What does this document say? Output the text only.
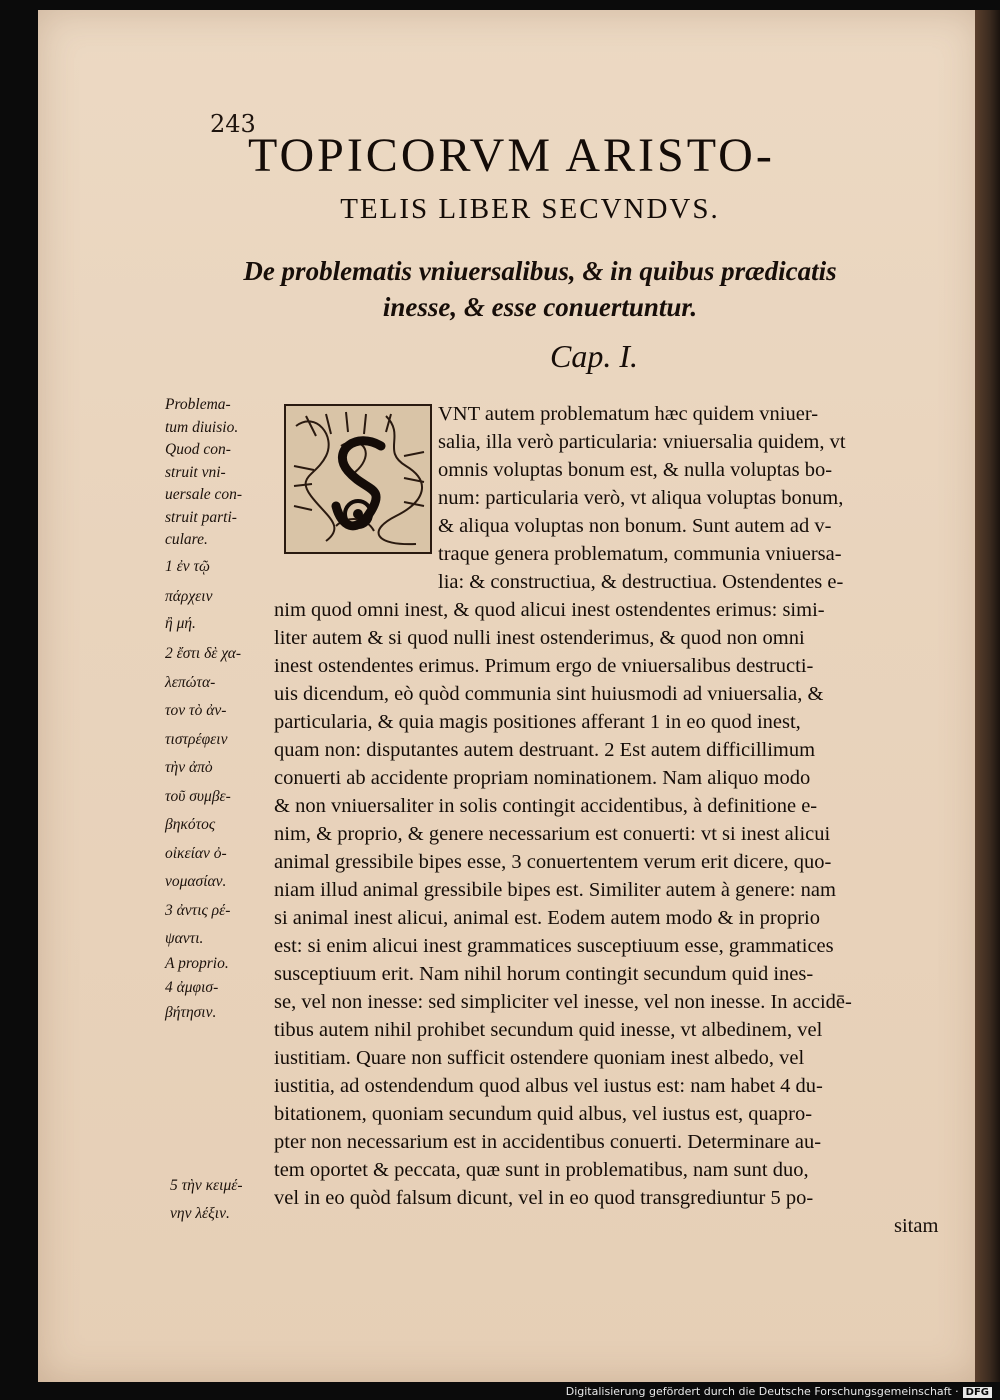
243
TOPICORVM ARISTO-
TELIS LIBER SECVNDVS.
De problematis vniuersalibus, & in quibus prædicatis
inesse, & esse conuertuntur.
Cap. I.
Problema-
tum diuisio.
Quod con-
struit vni-
uersale con-
struit parti-
culare.
1 ἐν τῷ
πάρχειν
ἢ μή.
2 ἔστι δὲ χα-
λεπώτα-
τον τὸ ἀν-
τιστρέφειν
τὴν ἀπὸ
τοῦ συμβε-
βηκότος
οἰκείαν ὀ-
νομασίαν.
3 ἀντις ρέ-
ψαντι.
A proprio.
4 ἀμφισ-
βήτησιν.
5 τὴν κειμέ-
νην λέξιν.
VNT autem problematum hæc quidem vniuer-
salia, illa verò particularia: vniuersalia quidem, vt
omnis voluptas bonum est, & nulla voluptas bo-
num: particularia verò, vt aliqua voluptas bonum,
& aliqua voluptas non bonum. Sunt autem ad v-
traque genera problematum, communia vniuersa-
lia: & constructiua, & destructiua. Ostendentes e-
nim quod omni inest, & quod alicui inest ostendentes erimus: simi-
liter autem & si quod nulli inest ostenderimus, & quod non omni
inest ostendentes erimus. Primum ergo de vniuersalibus destructi-
uis dicendum, eò quòd communia sint huiusmodi ad vniuersalia, &
particularia, & quia magis positiones afferant 1 in eo quod inest,
quam non: disputantes autem destruant. 2 Est autem difficillimum
conuerti ab accidente propriam nominationem. Nam aliquo modo
& non vniuersaliter in solis contingit accidentibus, à definitione e-
nim, & proprio, & genere necessarium est conuerti: vt si inest alicui
animal gressibile bipes esse, 3 conuertentem verum erit dicere, quo-
niam illud animal gressibile bipes est. Similiter autem à genere: nam
si animal inest alicui, animal est. Eodem autem modo & in proprio
est: si enim alicui inest grammatices susceptiuum esse, grammatices
susceptiuum erit. Nam nihil horum contingit secundum quid ines-
se, vel non inesse: sed simpliciter vel inesse, vel non inesse. In accidē-
tibus autem nihil prohibet secundum quid inesse, vt albedinem, vel
iustitiam. Quare non sufficit ostendere quoniam inest albedo, vel
iustitia, ad ostendendum quod albus vel iustus est: nam habet 4 du-
bitationem, quoniam secundum quid albus, vel iustus est, quapro-
pter non necessarium est in accidentibus conuerti. Determinare au-
tem oportet & peccata, quæ sunt in problematibus, nam sunt duo,
vel in eo quòd falsum dicunt, vel in eo quod transgrediuntur 5 po-
sitam
Digitalisierung gefördert durch die Deutsche Forschungsgemeinschaft · DFG
